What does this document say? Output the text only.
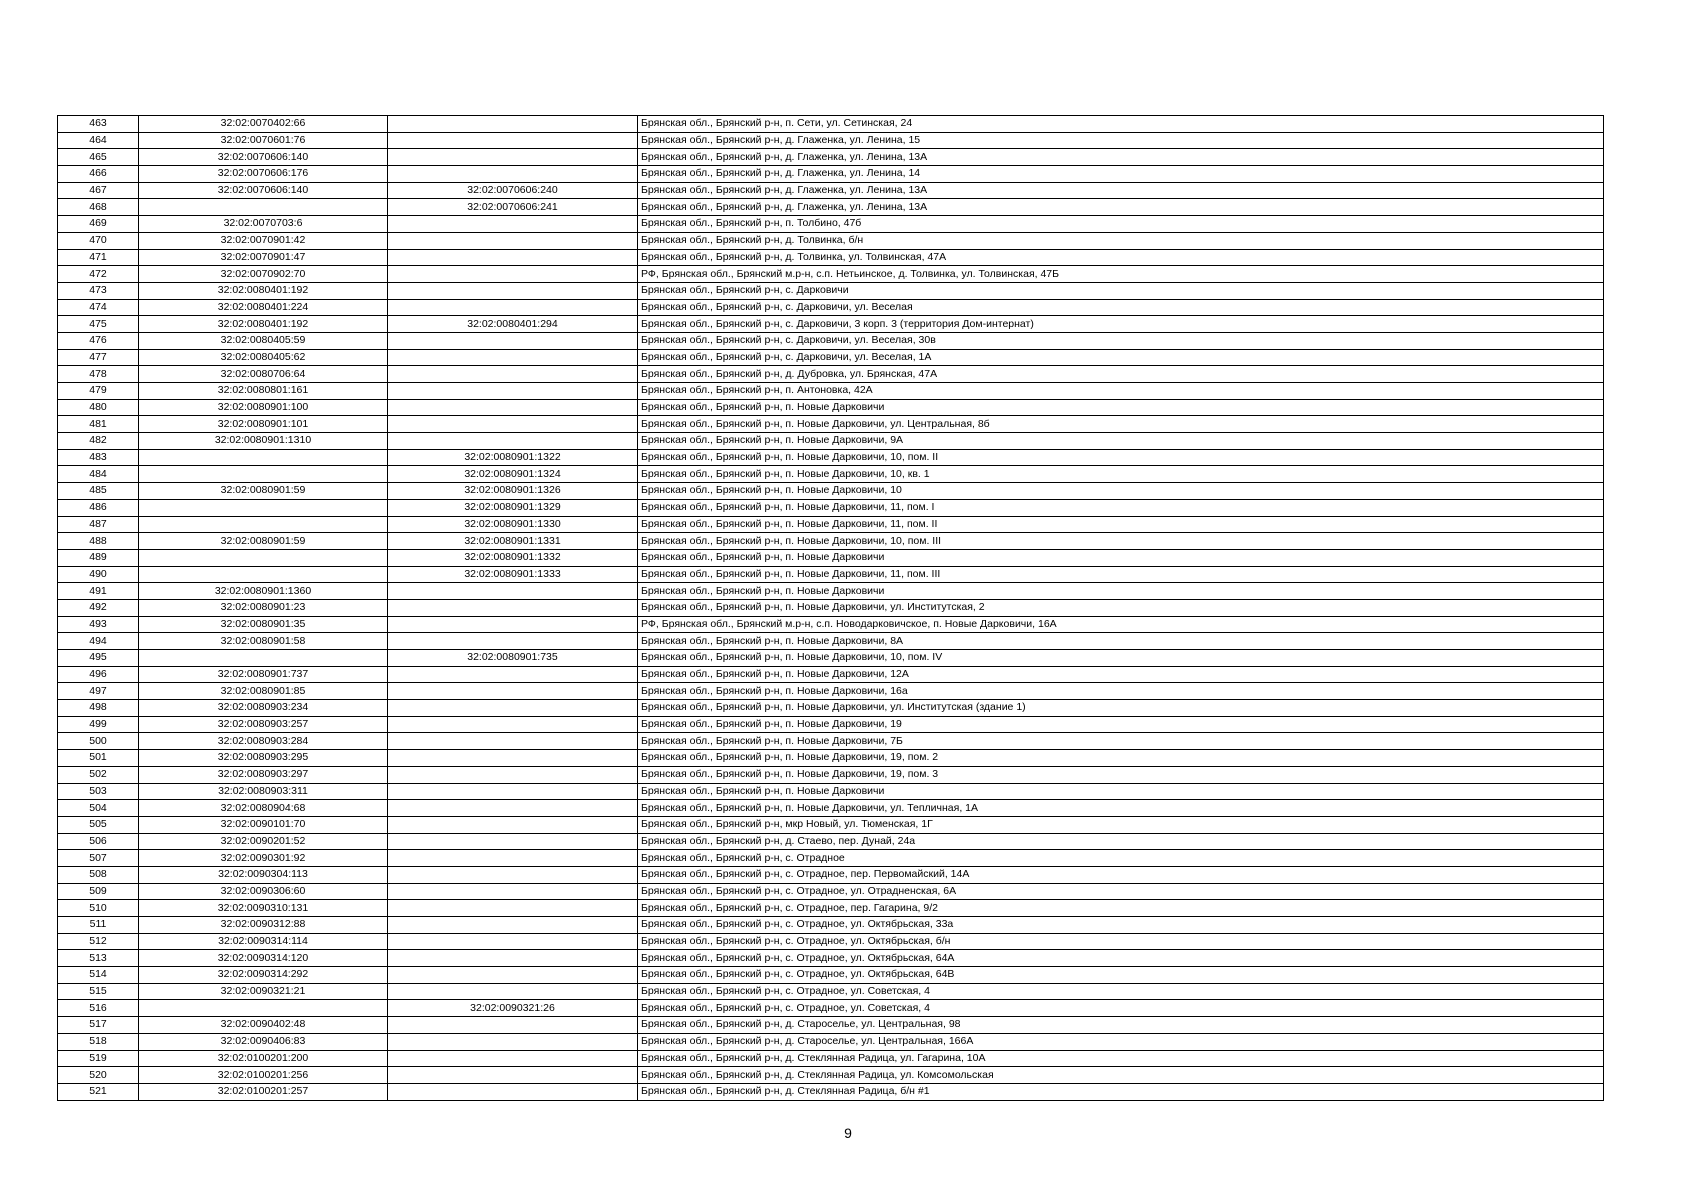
463	32:02:0070402:66		Брянская обл., Брянский р-н, п. Сети, ул. Сетинская, 24
464	32:02:0070601:76		Брянская обл., Брянский р-н, д. Глаженка, ул. Ленина, 15
465	32:02:0070606:140		Брянская обл., Брянский р-н, д. Глаженка, ул. Ленина, 13А
466	32:02:0070606:176		Брянская обл., Брянский р-н, д. Глаженка, ул. Ленина, 14
467	32:02:0070606:140	32:02:0070606:240	Брянская обл., Брянский р-н, д. Глаженка, ул. Ленина, 13А
468		32:02:0070606:241	Брянская обл., Брянский р-н, д. Глаженка, ул. Ленина, 13А
469	32:02:0070703:6		Брянская обл., Брянский р-н, п. Толбино, 47б
470	32:02:0070901:42		Брянская обл., Брянский р-н, д. Толвинка, б/н
471	32:02:0070901:47		Брянская обл., Брянский р-н, д. Толвинка, ул. Толвинская, 47А
472	32:02:0070902:70		РФ, Брянская обл., Брянский м.р-н, с.п. Нетьинское, д. Толвинка, ул. Толвинская, 47Б
473	32:02:0080401:192		Брянская обл., Брянский р-н, с. Дарковичи
474	32:02:0080401:224		Брянская обл., Брянский р-н, с. Дарковичи, ул. Веселая
475	32:02:0080401:192	32:02:0080401:294	Брянская обл., Брянский р-н, с. Дарковичи, 3 корп. 3 (территория Дом-интернат)
476	32:02:0080405:59		Брянская обл., Брянский р-н, с. Дарковичи, ул. Веселая, 30в
477	32:02:0080405:62		Брянская обл., Брянский р-н, с. Дарковичи, ул. Веселая, 1А
478	32:02:0080706:64		Брянская обл., Брянский р-н, д. Дубровка, ул. Брянская, 47А
479	32:02:0080801:161		Брянская обл., Брянский р-н, п. Антоновка, 42А
480	32:02:0080901:100		Брянская обл., Брянский р-н, п. Новые Дарковичи
481	32:02:0080901:101		Брянская обл., Брянский р-н, п. Новые Дарковичи, ул. Центральная, 8б
482	32:02:0080901:1310		Брянская обл., Брянский р-н, п. Новые Дарковичи, 9А
483		32:02:0080901:1322	Брянская обл., Брянский р-н, п. Новые Дарковичи, 10, пом. II
484		32:02:0080901:1324	Брянская обл., Брянский р-н, п. Новые Дарковичи, 10, кв. 1
485	32:02:0080901:59	32:02:0080901:1326	Брянская обл., Брянский р-н, п. Новые Дарковичи, 10
486		32:02:0080901:1329	Брянская обл., Брянский р-н, п. Новые Дарковичи, 11, пом. I
487		32:02:0080901:1330	Брянская обл., Брянский р-н, п. Новые Дарковичи, 11, пом. II
488	32:02:0080901:59	32:02:0080901:1331	Брянская обл., Брянский р-н, п. Новые Дарковичи, 10, пом. III
489		32:02:0080901:1332	Брянская обл., Брянский р-н, п. Новые Дарковичи
490		32:02:0080901:1333	Брянская обл., Брянский р-н, п. Новые Дарковичи, 11, пом. III
491	32:02:0080901:1360		Брянская обл., Брянский р-н, п. Новые Дарковичи
492	32:02:0080901:23		Брянская обл., Брянский р-н, п. Новые Дарковичи, ул. Институтская, 2
493	32:02:0080901:35		РФ, Брянская обл., Брянский м.р-н, с.п. Новодарковичское, п. Новые Дарковичи, 16А
494	32:02:0080901:58		Брянская обл., Брянский р-н, п. Новые Дарковичи, 8А
495		32:02:0080901:735	Брянская обл., Брянский р-н, п. Новые Дарковичи, 10, пом. IV
496	32:02:0080901:737		Брянская обл., Брянский р-н, п. Новые Дарковичи, 12А
497	32:02:0080901:85		Брянская обл., Брянский р-н, п. Новые Дарковичи, 16а
498	32:02:0080903:234		Брянская обл., Брянский р-н, п. Новые Дарковичи, ул. Институтская (здание 1)
499	32:02:0080903:257		Брянская обл., Брянский р-н, п. Новые Дарковичи, 19
500	32:02:0080903:284		Брянская обл., Брянский р-н, п. Новые Дарковичи, 7Б
501	32:02:0080903:295		Брянская обл., Брянский р-н, п. Новые Дарковичи, 19, пом. 2
502	32:02:0080903:297		Брянская обл., Брянский р-н, п. Новые Дарковичи, 19, пом. 3
503	32:02:0080903:311		Брянская обл., Брянский р-н, п. Новые Дарковичи
504	32:02:0080904:68		Брянская обл., Брянский р-н, п. Новые Дарковичи, ул. Тепличная, 1А
505	32:02:0090101:70		Брянская обл., Брянский р-н, мкр Новый, ул. Тюменская, 1Г
506	32:02:0090201:52		Брянская обл., Брянский р-н, д. Стаево, пер. Дунай, 24а
507	32:02:0090301:92		Брянская обл., Брянский р-н, с. Отрадное
508	32:02:0090304:113		Брянская обл., Брянский р-н, с. Отрадное, пер. Первомайский, 14А
509	32:02:0090306:60		Брянская обл., Брянский р-н, с. Отрадное, ул. Отрадненская, 6А
510	32:02:0090310:131		Брянская обл., Брянский р-н, с. Отрадное, пер. Гагарина, 9/2
511	32:02:0090312:88		Брянская обл., Брянский р-н, с. Отрадное, ул. Октябрьская, 33а
512	32:02:0090314:114		Брянская обл., Брянский р-н, с. Отрадное, ул. Октябрьская, б/н
513	32:02:0090314:120		Брянская обл., Брянский р-н, с. Отрадное, ул. Октябрьская, 64А
514	32:02:0090314:292		Брянская обл., Брянский р-н, с. Отрадное, ул. Октябрьская, 64В
515	32:02:0090321:21		Брянская обл., Брянский р-н, с. Отрадное, ул. Советская, 4
516		32:02:0090321:26	Брянская обл., Брянский р-н, с. Отрадное, ул. Советская, 4
517	32:02:0090402:48		Брянская обл., Брянский р-н, д. Староселье, ул. Центральная, 98
518	32:02:0090406:83		Брянская обл., Брянский р-н, д. Староселье, ул. Центральная, 166А
519	32:02:0100201:200		Брянская обл., Брянский р-н, д. Стеклянная Радица, ул. Гагарина, 10А
520	32:02:0100201:256		Брянская обл., Брянский р-н, д. Стеклянная Радица, ул. Комсомольская
521	32:02:0100201:257		Брянская обл., Брянский р-н, д. Стеклянная Радица, б/н #1
9
